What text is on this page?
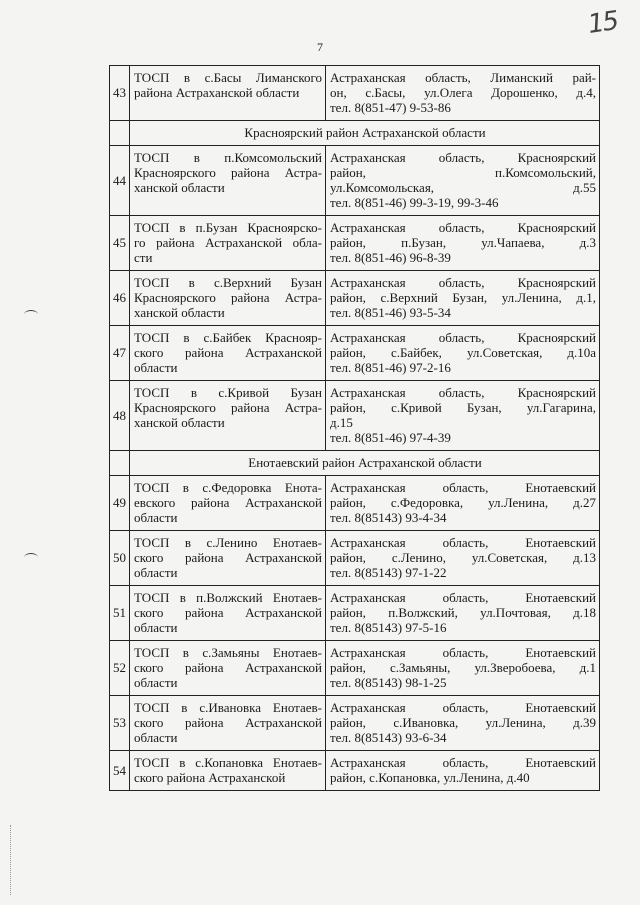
15
7
43	ТОСП в с.Басы Лиманского
района Астраханской области	Астраханская область, Лиманский рай-
он, с.Басы, ул.Олега Дорошенко, д.4,
тел. 8(851-47) 9-53-86

	Красноярский район Астраханской области	
44	ТОСП в п.Комсомольский
Красноярского района Астра-
ханской области	Астраханская область, Красноярский
район, п.Комсомольский,
ул.Комсомольская, д.55
тел. 8(851-46) 99-3-19, 99-3-46

45	ТОСП в п.Бузан Красноярско-
го района Астраханской обла-
сти	Астраханская область, Красноярский
район, п.Бузан, ул.Чапаева, д.3
тел. 8(851-46) 96-8-39

46	ТОСП в с.Верхний Бузан
Красноярского района Астра-
ханской области	Астраханская область, Красноярский
район, с.Верхний Бузан, ул.Ленина, д.1,
тел. 8(851-46) 93-5-34

47	ТОСП в с.Байбек Краснояр-
ского района Астраханской
области	Астраханская область, Красноярский
район, с.Байбек, ул.Советская, д.10а
тел. 8(851-46) 97-2-16

48	ТОСП в с.Кривой Бузан
Красноярского района Астра-
ханской области	Астраханская область, Красноярский
район, с.Кривой Бузан, ул.Гагарина,
д.15
тел. 8(851-46) 97-4-39

	Енотаевский район Астраханской области	
49	ТОСП в с.Федоровка Енота-
евского района Астраханской
области	Астраханская область, Енотаевский
район, с.Федоровка, ул.Ленина, д.27
тел. 8(85143) 93-4-34

50	ТОСП в с.Ленино Енотаев-
ского района Астраханской
области	Астраханская область, Енотаевский
район, с.Ленино, ул.Советская, д.13
тел. 8(85143) 97-1-22

51	ТОСП в п.Волжский Енотаев-
ского района Астраханской
области	Астраханская область, Енотаевский
район, п.Волжский, ул.Почтовая, д.18
тел. 8(85143) 97-5-16

52	ТОСП в с.Замьяны Енотаев-
ского района Астраханской
области	Астраханская область, Енотаевский
район, с.Замьяны, ул.Зверобоева, д.1
тел. 8(85143) 98-1-25

53	ТОСП в с.Ивановка Енотаев-
ского района Астраханской
области	Астраханская область, Енотаевский
район, с.Ивановка, ул.Ленина, д.39
тел. 8(85143) 93-6-34

54	ТОСП в с.Копановка Енотаев-
ского района Астраханской	Астраханская область, Енотаевский
район, с.Копановка, ул.Ленина, д.40
